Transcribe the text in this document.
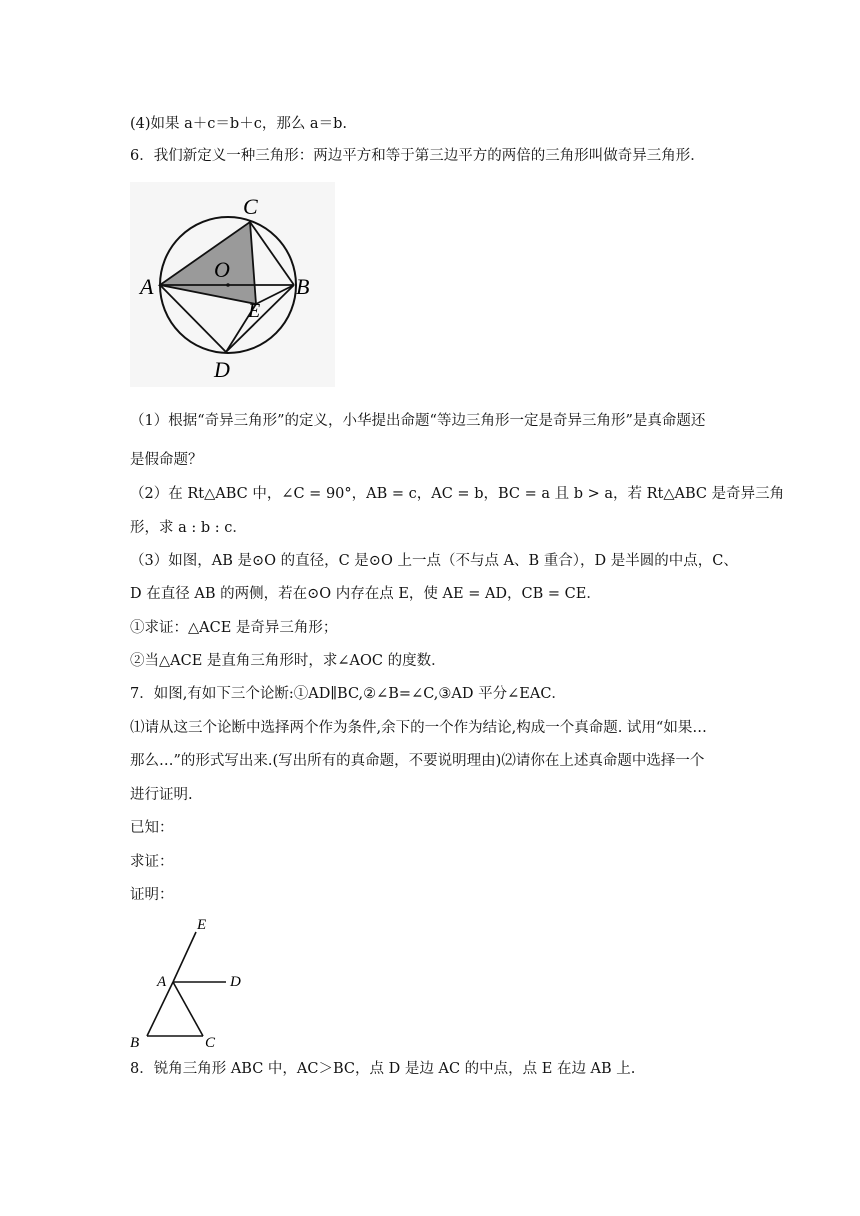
(4)如果 a＋c＝b＋c，那么 a＝b.
6．我们新定义一种三角形：两边平方和等于第三边平方的两倍的三角形叫做奇异三角形．
C
A	B
O
E
D
（1）根据“奇异三角形”的定义，小华提出命题“等边三角形一定是奇异三角形”是真命题还
是假命题？
（2）在 Rt△ABC 中，∠C = 90°，AB = c，AC = b，BC = a 且 b > a，若 Rt△ABC 是奇异三角
形，求 a : b : c．
（3）如图，AB 是⊙O 的直径，C 是⊙O 上一点（不与点 A、B 重合），D 是半圆的中点，C、
D 在直径 AB 的两侧，若在⊙O 内存在点 E，使 AE = AD，CB = CE．
①求证：△ACE 是奇异三角形；
②当△ACE 是直角三角形时，求∠AOC 的度数．
7．如图,有如下三个论断:①AD∥BC,②∠B=∠C,③AD 平分∠EAC．
⑴请从这三个论断中选择两个作为条件,余下的一个作为结论,构成一个真命题. 试用“如果…
那么…”的形式写出来.(写出所有的真命题，不要说明理由)⑵请你在上述真命题中选择一个
进行证明.
已知：
求证：
证明：
E
A	D
B	C
8．锐角三角形 ABC 中，AC＞BC，点 D 是边 AC 的中点，点 E 在边 AB 上.
